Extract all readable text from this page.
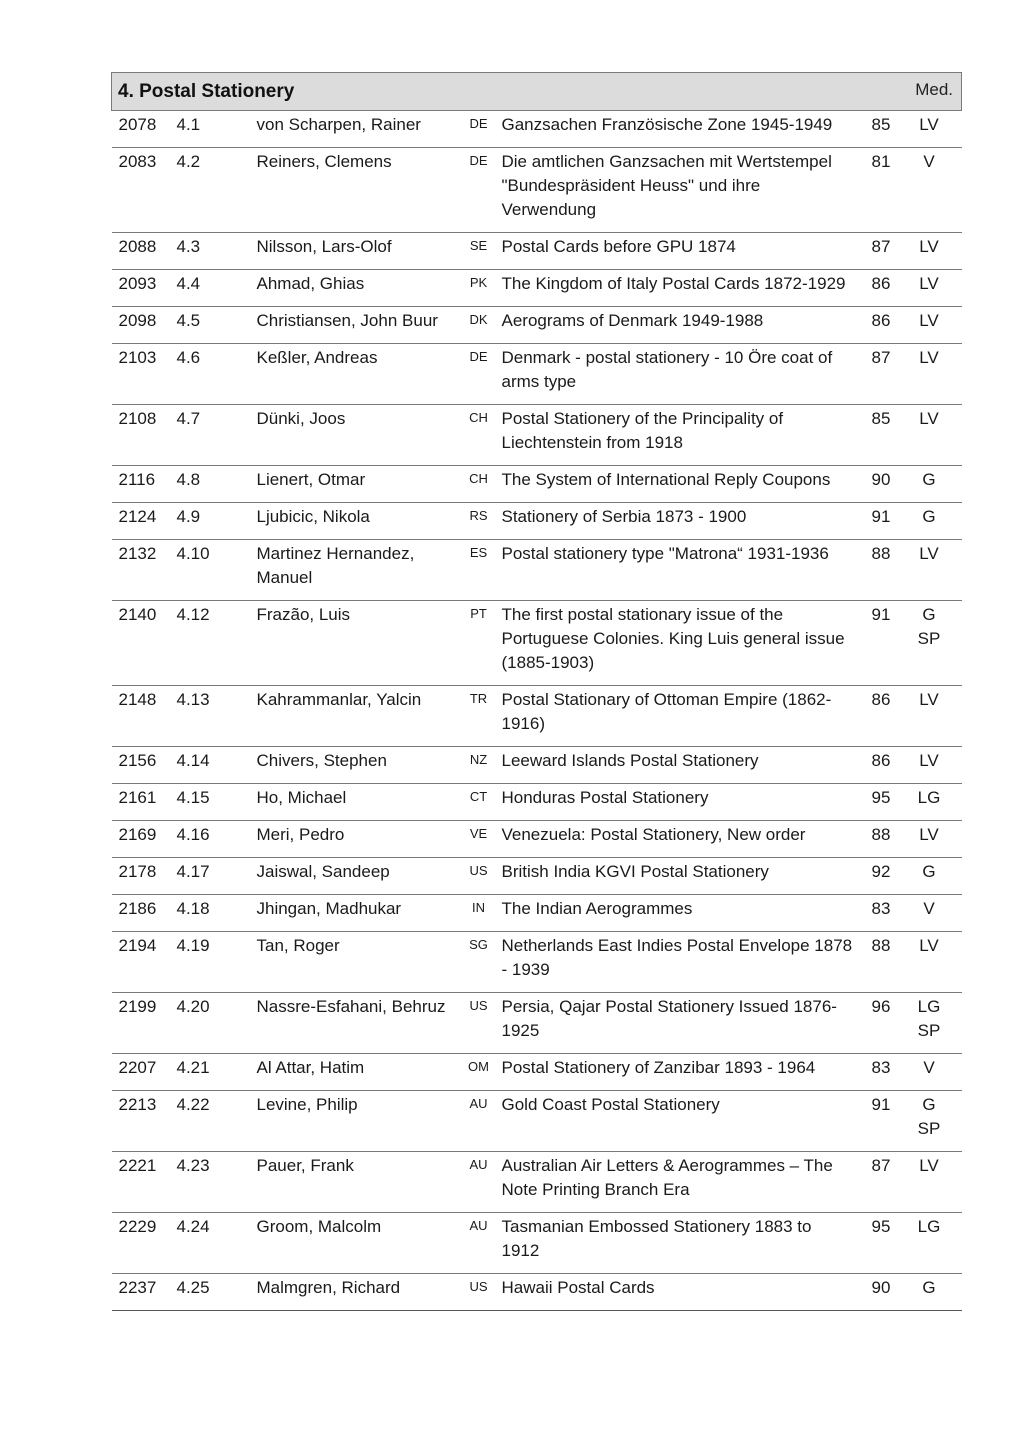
4. Postal Stationery Med.						

2078	4.1	von Scharpen, Rainer	DE	Ganzsachen Französische Zone 1945-1949	85	LV

2083	4.2	Reiners, Clemens	DE	Die amtlichen Ganzsachen mit Wertstempel "Bundespräsident Heuss" und ihre Verwendung	81	V

2088	4.3	Nilsson, Lars-Olof	SE	Postal Cards before GPU 1874	87	LV

2093	4.4	Ahmad, Ghias	PK	The Kingdom of Italy Postal Cards 1872-1929	86	LV

2098	4.5	Christiansen, John Buur	DK	Aerograms of Denmark 1949-1988	86	LV

2103	4.6	Keßler, Andreas	DE	Denmark - postal stationery - 10 Öre coat of arms type	87	LV

2108	4.7	Dünki, Joos	CH	Postal Stationery of the Principality of Liechtenstein from 1918	85	LV

2116	4.8	Lienert, Otmar	CH	The System of International Reply Coupons	90	G

2124	4.9	Ljubicic, Nikola	RS	Stationery of Serbia 1873 - 1900	91	G

2132	4.10	Martinez Hernandez, Manuel	ES	Postal stationery type "Matrona“ 1931-1936	88	LV

2140	4.12	Frazão, Luis	PT	The first postal stationary issue of the Portuguese Colonies. King Luis general issue (1885-1903)	91	G
SP

2148	4.13	Kahrammanlar, Yalcin	TR	Postal Stationary of Ottoman Empire (1862-1916)	86	LV

2156	4.14	Chivers, Stephen	NZ	Leeward Islands Postal Stationery	86	LV

2161	4.15	Ho, Michael	CT	Honduras Postal Stationery	95	LG

2169	4.16	Meri, Pedro	VE	Venezuela: Postal Stationery, New order	88	LV

2178	4.17	Jaiswal, Sandeep	US	British India KGVI Postal Stationery	92	G

2186	4.18	Jhingan, Madhukar	IN	The Indian Aerogrammes	83	V

2194	4.19	Tan, Roger	SG	Netherlands East Indies Postal Envelope 1878 - 1939	88	LV

2199	4.20	Nassre-Esfahani, Behruz	US	Persia, Qajar Postal Stationery Issued 1876-1925	96	LG
SP

2207	4.21	Al Attar, Hatim	OM	Postal Stationery of Zanzibar 1893 - 1964	83	V

2213	4.22	Levine, Philip	AU	Gold Coast Postal Stationery	91	G
SP

2221	4.23	Pauer, Frank	AU	Australian Air Letters & Aerogrammes – The Note Printing Branch Era	87	LV

2229	4.24	Groom, Malcolm	AU	Tasmanian Embossed Stationery 1883 to 1912	95	LG

2237	4.25	Malmgren, Richard	US	Hawaii Postal Cards	90	G
